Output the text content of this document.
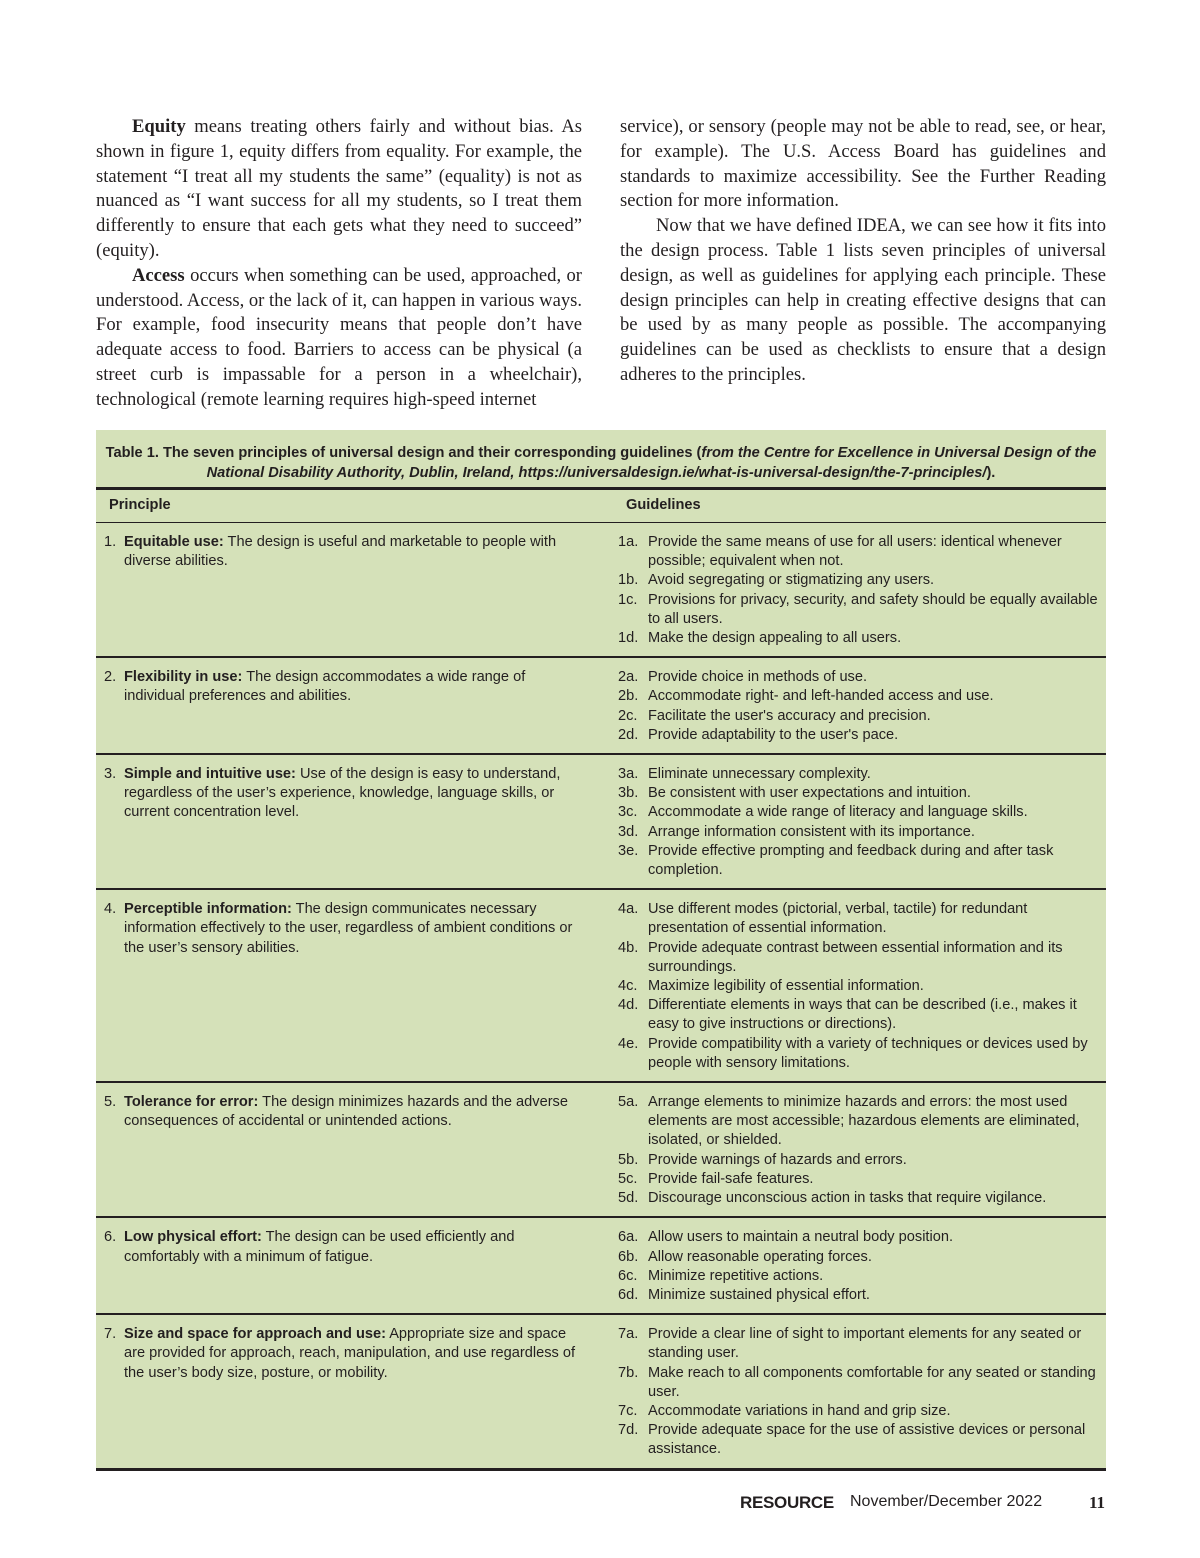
Equity means treating others fairly and without bias. As shown in figure 1, equity differs from equality. For example, the statement “I treat all my students the same” (equality) is not as nuanced as “I want success for all my students, so I treat them differently to ensure that each gets what they need to succeed” (equity).

Access occurs when something can be used, approached, or understood. Access, or the lack of it, can happen in various ways. For example, food insecurity means that people don’t have adequate access to food. Barriers to access can be physical (a street curb is impassable for a person in a wheelchair), technological (remote learning requires high-speed internet

service), or sensory (people may not be able to read, see, or hear, for example). The U.S. Access Board has guidelines and standards to maximize accessibility. See the Further Reading section for more information.

Now that we have defined IDEA, we can see how it fits into the design process. Table 1 lists seven principles of universal design, as well as guidelines for applying each principle. These design principles can help in creating effective designs that can be used by as many people as possible. The accompanying guidelines can be used as checklists to ensure that a design adheres to the principles.

Table 1. The seven principles of universal design and their corresponding guidelines (from the Centre for Excellence in Universal Design of the National Disability Authority, Dublin, Ireland, https://universaldesign.ie/what-is-universal-design/the-7-principles/).
Principle	Guidelines
1. Equitable use: The design is useful and marketable to people with diverse abilities.
1a. Provide the same means of use for all users: identical whenever possible; equivalent when not.
1b. Avoid segregating or stigmatizing any users.
1c. Provisions for privacy, security, and safety should be equally available to all users.
1d. Make the design appealing to all users.
2. Flexibility in use: The design accommodates a wide range of individual preferences and abilities.
2a. Provide choice in methods of use.
2b. Accommodate right- and left-handed access and use.
2c. Facilitate the user's accuracy and precision.
2d. Provide adaptability to the user's pace.
3. Simple and intuitive use: Use of the design is easy to understand, regardless of the user’s experience, knowledge, language skills, or current concentration level.
3a. Eliminate unnecessary complexity.
3b. Be consistent with user expectations and intuition.
3c. Accommodate a wide range of literacy and language skills.
3d. Arrange information consistent with its importance.
3e. Provide effective prompting and feedback during and after task completion.
4. Perceptible information: The design communicates necessary information effectively to the user, regardless of ambient conditions or the user’s sensory abilities.
4a. Use different modes (pictorial, verbal, tactile) for redundant presentation of essential information.
4b. Provide adequate contrast between essential information and its surroundings.
4c. Maximize legibility of essential information.
4d. Differentiate elements in ways that can be described (i.e., makes it easy to give instructions or directions).
4e. Provide compatibility with a variety of techniques or devices used by people with sensory limitations.
5. Tolerance for error: The design minimizes hazards and the adverse consequences of accidental or unintended actions.
5a. Arrange elements to minimize hazards and errors: the most used elements are most accessible; hazardous elements are eliminated, isolated, or shielded.
5b. Provide warnings of hazards and errors.
5c. Provide fail-safe features.
5d. Discourage unconscious action in tasks that require vigilance.
6. Low physical effort: The design can be used efficiently and comfortably with a minimum of fatigue.
6a. Allow users to maintain a neutral body position.
6b. Allow reasonable operating forces.
6c. Minimize repetitive actions.
6d. Minimize sustained physical effort.
7. Size and space for approach and use: Appropriate size and space are provided for approach, reach, manipulation, and use regardless of the user’s body size, posture, or mobility.
7a. Provide a clear line of sight to important elements for any seated or standing user.
7b. Make reach to all components comfortable for any seated or standing user.
7c. Accommodate variations in hand and grip size.
7d. Provide adequate space for the use of assistive devices or personal assistance.
RESOURCE November/December 2022	11
